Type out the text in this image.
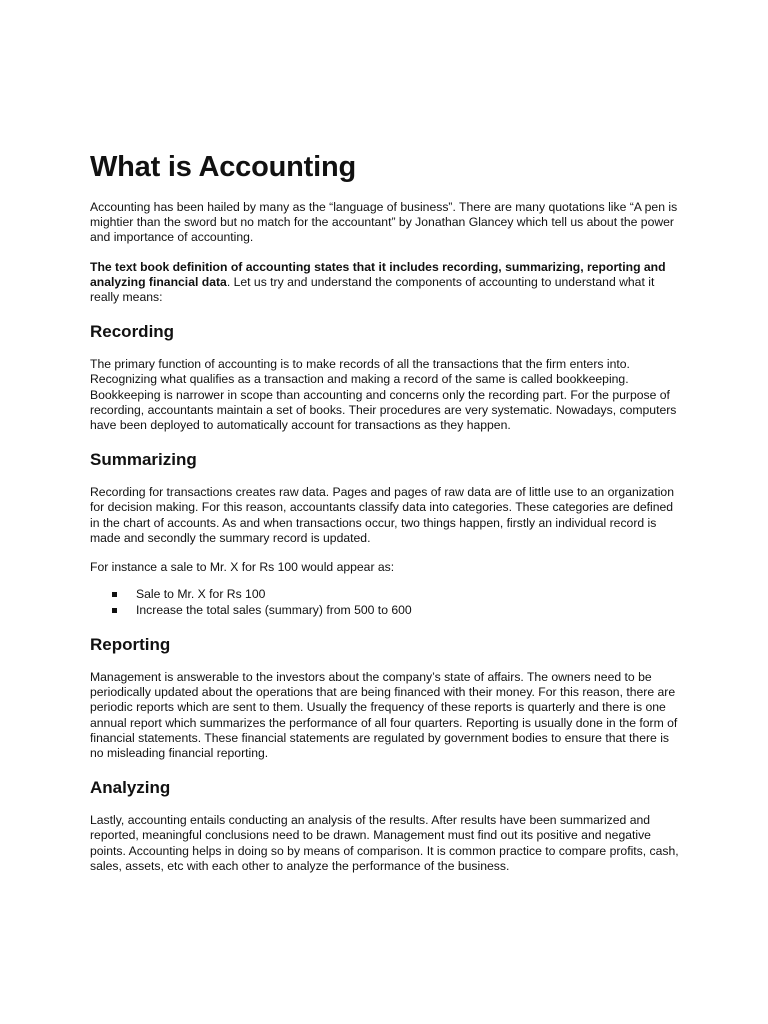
What is Accounting

Accounting has been hailed by many as the “language of business”. There are many quotations like “A pen is mightier than the sword but no match for the accountant” by Jonathan Glancey which tell us about the power and importance of accounting.

The text book definition of accounting states that it includes recording, summarizing, reporting and analyzing financial data. Let us try and understand the components of accounting to understand what it really means:

Recording

The primary function of accounting is to make records of all the transactions that the firm enters into. Recognizing what qualifies as a transaction and making a record of the same is called bookkeeping. Bookkeeping is narrower in scope than accounting and concerns only the recording part. For the purpose of recording, accountants maintain a set of books. Their procedures are very systematic. Nowadays, computers have been deployed to automatically account for transactions as they happen.

Summarizing

Recording for transactions creates raw data. Pages and pages of raw data are of little use to an organization for decision making. For this reason, accountants classify data into categories. These categories are defined in the chart of accounts. As and when transactions occur, two things happen, firstly an individual record is made and secondly the summary record is updated.

For instance a sale to Mr. X for Rs 100 would appear as:

Sale to Mr. X for Rs 100
Increase the total sales (summary) from 500 to 600
Reporting

Management is answerable to the investors about the company’s state of affairs. The owners need to be periodically updated about the operations that are being financed with their money. For this reason, there are periodic reports which are sent to them. Usually the frequency of these reports is quarterly and there is one annual report which summarizes the performance of all four quarters. Reporting is usually done in the form of financial statements. These financial statements are regulated by government bodies to ensure that there is no misleading financial reporting.

Analyzing

Lastly, accounting entails conducting an analysis of the results. After results have been summarized and reported, meaningful conclusions need to be drawn. Management must find out its positive and negative points. Accounting helps in doing so by means of comparison. It is common practice to compare profits, cash, sales, assets, etc with each other to analyze the performance of the business.
